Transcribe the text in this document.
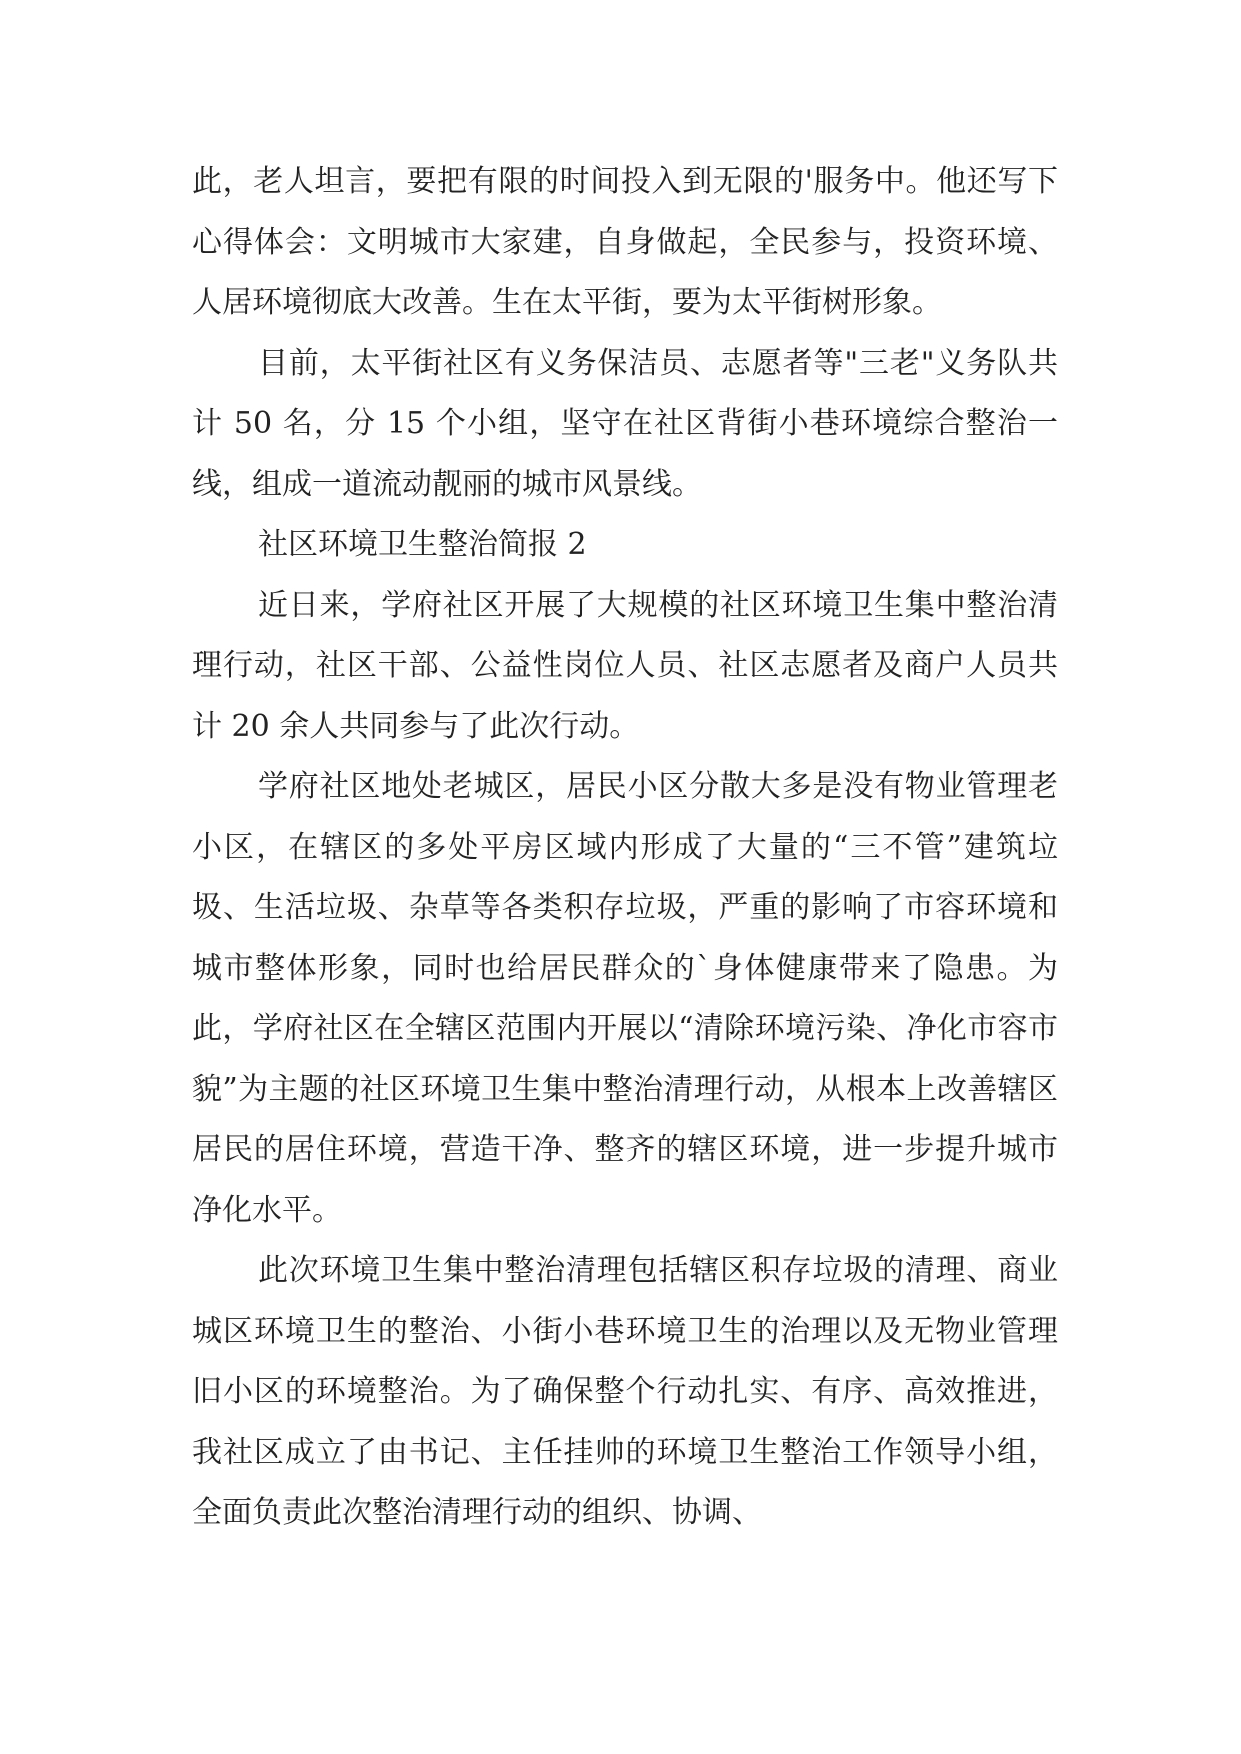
此，老人坦言，要把有限的时间投入到无限的'服务中。他还写下心得体会：文明城市大家建，自身做起，全民参与，投资环境、人居环境彻底大改善。生在太平街，要为太平街树形象。

目前，太平街社区有义务保洁员、志愿者等"三老"义务队共计 50 名，分 15 个小组，坚守在社区背街小巷环境综合整治一线，组成一道流动靓丽的城市风景线。

社区环境卫生整治简报 2

近日来，学府社区开展了大规模的社区环境卫生集中整治清理行动，社区干部、公益性岗位人员、社区志愿者及商户人员共计 20 余人共同参与了此次行动。

学府社区地处老城区，居民小区分散大多是没有物业管理老小区，在辖区的多处平房区域内形成了大量的“三不管”建筑垃圾、生活垃圾、杂草等各类积存垃圾，严重的影响了市容环境和城市整体形象，同时也给居民群众的`身体健康带来了隐患。为此，学府社区在全辖区范围内开展以“清除环境污染、净化市容市貌”为主题的社区环境卫生集中整治清理行动，从根本上改善辖区居民的居住环境，营造干净、整齐的辖区环境，进一步提升城市净化水平。

此次环境卫生集中整治清理包括辖区积存垃圾的清理、商业城区环境卫生的整治、小街小巷环境卫生的治理以及无物业管理旧小区的环境整治。为了确保整个行动扎实、有序、高效推进，我社区成立了由书记、主任挂帅的环境卫生整治工作领导小组，全面负责此次整治清理行动的组织、协调、
